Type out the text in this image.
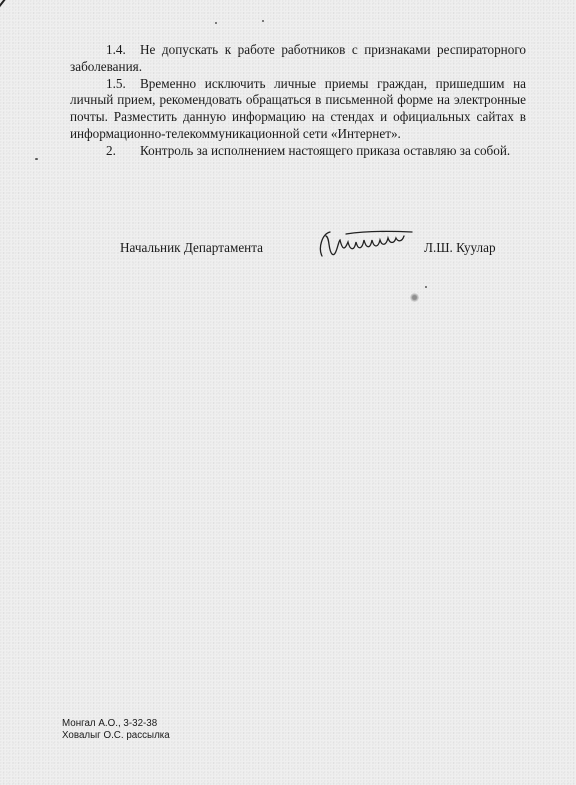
1.4. Не допускать к работе работников с признаками респираторного заболевания.

1.5. Временно исключить личные приемы граждан, пришедшим на личный прием, рекомендовать обращаться в письменной форме на электронные почты. Разместить данную информацию на стендах и официальных сайтах в информационно-телекоммуникационной сети «Интернет».

2. Контроль за исполнением настоящего приказа оставляю за собой.

Начальник Департамента	Л.Ш. Куулар
Монгал А.О., 3-32-38
Ховалыг О.С. рассылка
